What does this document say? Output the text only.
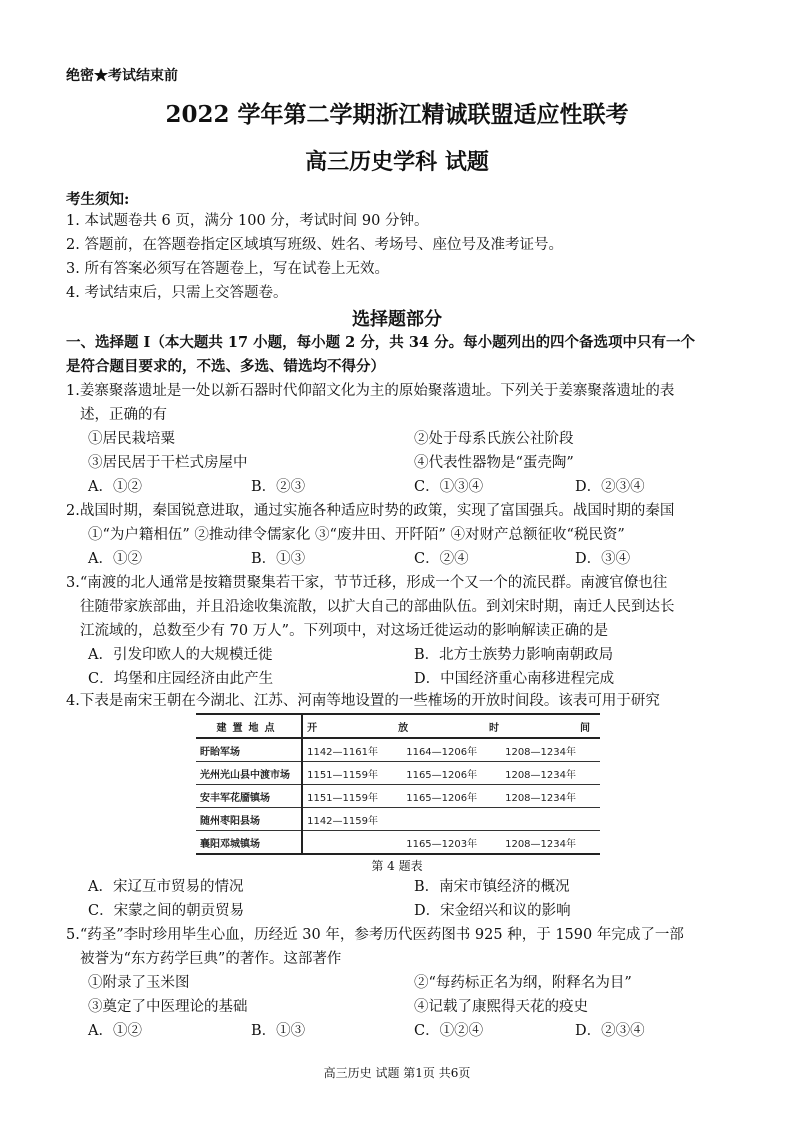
绝密★考试结束前
2022 学年第二学期浙江精诚联盟适应性联考
高三历史学科 试题
考生须知:
1. 本试题卷共 6 页，满分 100 分，考试时间 90 分钟。
2. 答题前，在答题卷指定区域填写班级、姓名、考场号、座位号及准考证号。
3. 所有答案必须写在答题卷上，写在试卷上无效。
4. 考试结束后，只需上交答题卷。
选择题部分
一、选择题 I（本大题共 17 小题，每小题 2 分，共 34 分。每小题列出的四个备选项中只有一个
是符合题目要求的，不选、多选、错选均不得分）
1.姜寨聚落遗址是一处以新石器时代仰韶文化为主的原始聚落遗址。下列关于姜寨聚落遗址的表
述，正确的有
①居民栽培粟	②处于母系氏族公社阶段
③居民居于干栏式房屋中	④代表性器物是“蛋壳陶”
A．①②	B．②③	C．①③④	D．②③④
2.战国时期，秦国锐意进取，通过实施各种适应时势的政策，实现了富国强兵。战国时期的秦国
①“为户籍相伍” ②推动律令儒家化 ③“废井田、开阡陌” ④对财产总额征收“税民资”
A．①②	B．①③	C．②④	D．③④
3.“南渡的北人通常是按籍贯聚集若干家，节节迁移，形成一个又一个的流民群。南渡官僚也往
往随带家族部曲，并且沿途收集流散，以扩大自己的部曲队伍。到刘宋时期，南迁人民到达长
江流域的，总数至少有 70 万人”。下列项中，对这场迁徙运动的影响解读正确的是
A．引发印欧人的大规模迁徙	B．北方士族势力影响南朝政局
C．坞堡和庄园经济由此产生	D．中国经济重心南移进程完成
4.下表是南宋王朝在今湖北、江苏、河南等地设置的一些榷场的开放时间段。该表可用于研究
建置地点	开 放 时 间		
盱眙军场	1142—1161年	1164—1206年	1208—1234年
光州光山县中渡市场	1151—1159年	1165—1206年	1208—1234年
安丰军花靥镇场	1151—1159年	1165—1206年	1208—1234年
随州枣阳县场	1142—1159年		
襄阳邓城镇场		1165—1203年	1208—1234年
第 4 题表
A．宋辽互市贸易的情况	B．南宋市镇经济的概况
C．宋蒙之间的朝贡贸易	D．宋金绍兴和议的影响
5.“药圣”李时珍用毕生心血，历经近 30 年，参考历代医药图书 925 种，于 1590 年完成了一部
被誉为“东方药学巨典”的著作。这部著作
①附录了玉米图	②“每药标正名为纲，附释名为目”
③奠定了中医理论的基础	④记载了康熙得天花的疫史
A．①②	B．①③	C．①②④	D．②③④
高三历史 试题 第1页 共6页
